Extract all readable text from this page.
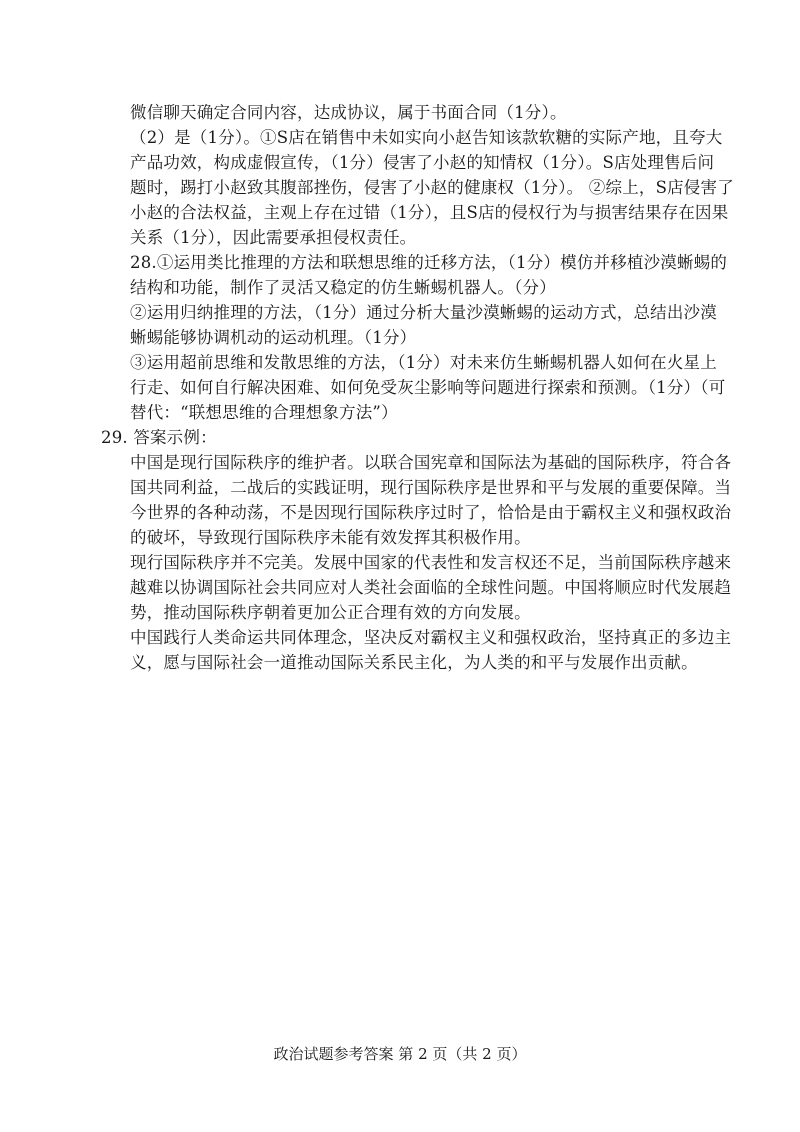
微信聊天确定合同内容，达成协议，属于书面合同（1分）。
（2）是（1分）。①S店在销售中未如实向小赵告知该款软糖的实际产地，且夸大
产品功效，构成虚假宣传，（1分）侵害了小赵的知情权（1分）。S店处理售后问
题时，踢打小赵致其腹部挫伤，侵害了小赵的健康权（1分）。 ②综上，S店侵害了
小赵的合法权益，主观上存在过错（1分），且S店的侵权行为与损害结果存在因果
关系（1分），因此需要承担侵权责任。
28.①运用类比推理的方法和联想思维的迁移方法，（1分）模仿并移植沙漠蜥蜴的
结构和功能，制作了灵活又稳定的仿生蜥蜴机器人。（分）
②运用归纳推理的方法，（1分）通过分析大量沙漠蜥蜴的运动方式，总结出沙漠
蜥蜴能够协调机动的运动机理。（1分）
③运用超前思维和发散思维的方法，（1分）对未来仿生蜥蜴机器人如何在火星上
行走、如何自行解决困难、如何免受灰尘影响等问题进行探索和预测。（1分）（可
替代：“联想思维的合理想象方法”）
29. 答案示例：
中国是现行国际秩序的维护者。以联合国宪章和国际法为基础的国际秩序，符合各
国共同利益，二战后的实践证明，现行国际秩序是世界和平与发展的重要保障。当
今世界的各种动荡，不是因现行国际秩序过时了，恰恰是由于霸权主义和强权政治
的破坏，导致现行国际秩序未能有效发挥其积极作用。
现行国际秩序并不完美。发展中国家的代表性和发言权还不足，当前国际秩序越来
越难以协调国际社会共同应对人类社会面临的全球性问题。中国将顺应时代发展趋
势，推动国际秩序朝着更加公正合理有效的方向发展。
中国践行人类命运共同体理念，坚决反对霸权主义和强权政治，坚持真正的多边主
义，愿与国际社会一道推动国际关系民主化，为人类的和平与发展作出贡献。
政治试题参考答案 第 2 页（共 2 页）
